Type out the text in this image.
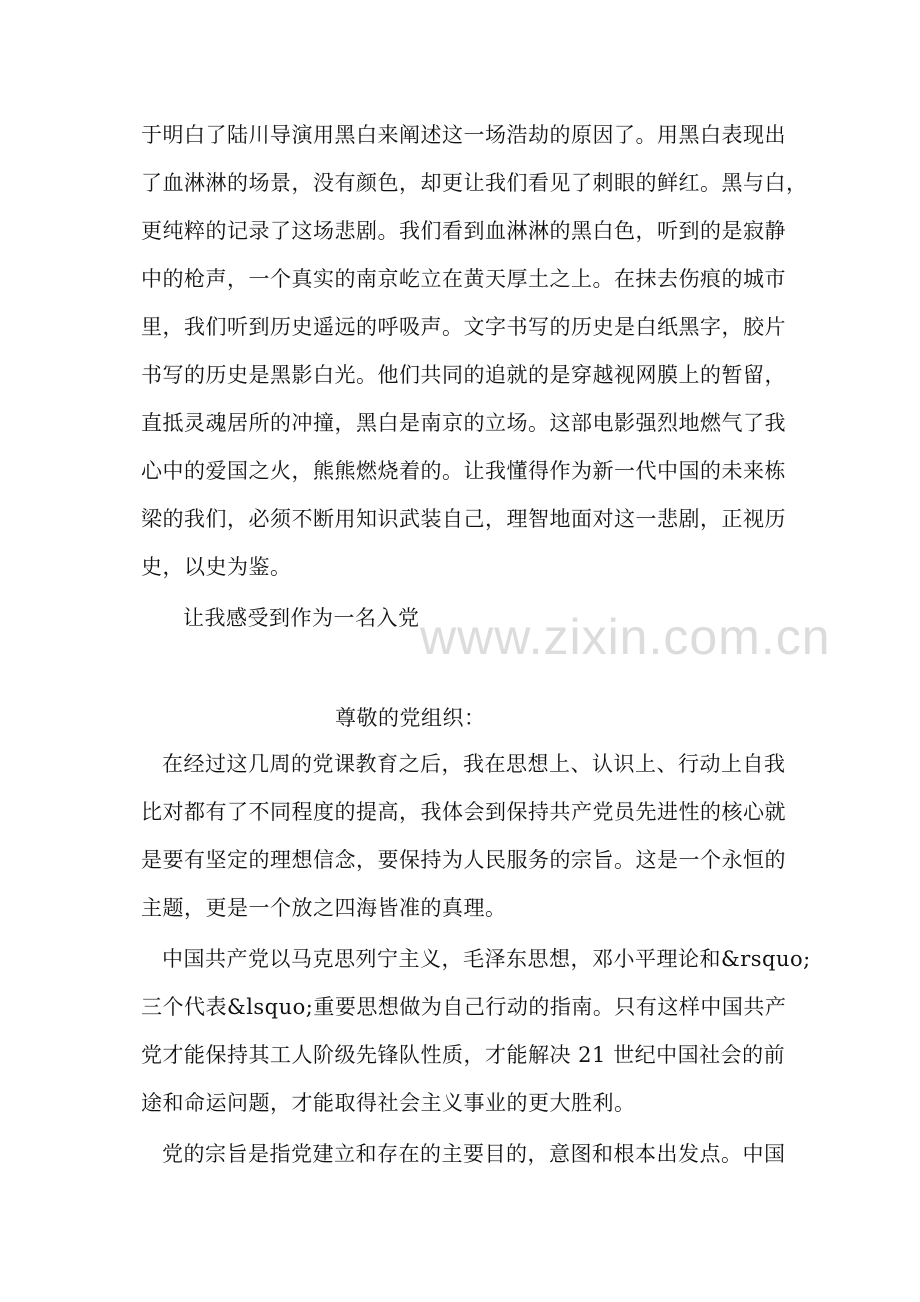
www.zixin.com.cn
于明白了陆川导演用黑白来阐述这一场浩劫的原因了。用黑白表现出
了血淋淋的场景，没有颜色，却更让我们看见了刺眼的鲜红。黑与白，
更纯粹的记录了这场悲剧。我们看到血淋淋的黑白色，听到的是寂静
中的枪声，一个真实的南京屹立在黄天厚土之上。在抹去伤痕的城市
里，我们听到历史遥远的呼吸声。文字书写的历史是白纸黑字，胶片
书写的历史是黑影白光。他们共同的追就的是穿越视网膜上的暂留，
直抵灵魂居所的冲撞，黑白是南京的立场。这部电影强烈地燃气了我
心中的爱国之火，熊熊燃烧着的。让我懂得作为新一代中国的未来栋
梁的我们，必须不断用知识武装自己，理智地面对这一悲剧，正视历
史，以史为鉴。
让我感受到作为一名入党
尊敬的党组织：
在经过这几周的党课教育之后，我在思想上、认识上、行动上自我
比对都有了不同程度的提高，我体会到保持共产党员先进性的核心就
是要有坚定的理想信念，要保持为人民服务的宗旨。这是一个永恒的
主题，更是一个放之四海皆准的真理。
中国共产党以马克思列宁主义，毛泽东思想，邓小平理论和&rsquo;
三个代表&lsquo;重要思想做为自己行动的指南。只有这样中国共产
党才能保持其工人阶级先锋队性质，才能解决 21 世纪中国社会的前
途和命运问题，才能取得社会主义事业的更大胜利。
党的宗旨是指党建立和存在的主要目的，意图和根本出发点。中国
